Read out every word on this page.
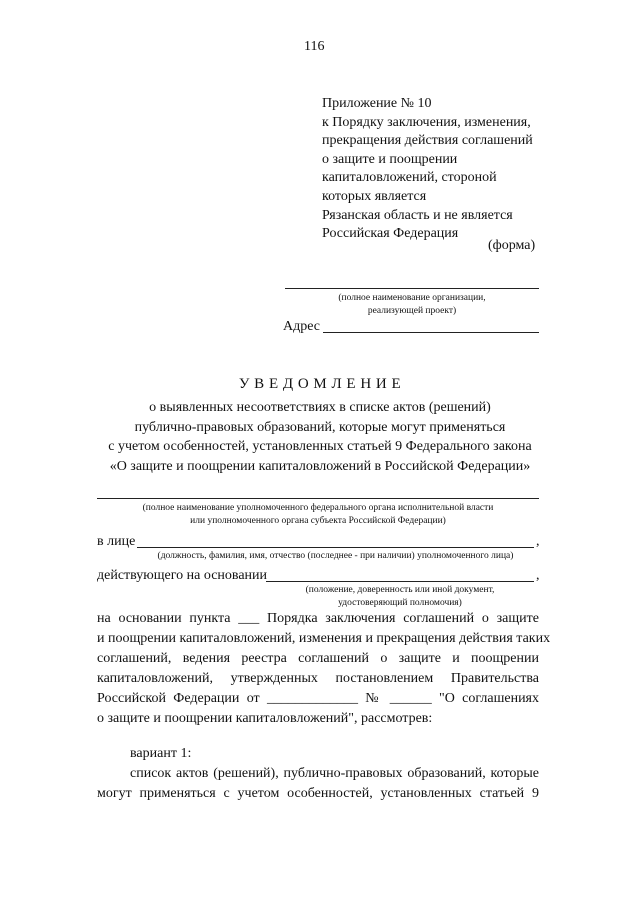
116
Приложение № 10
к Порядку заключения, изменения,
прекращения действия соглашений
о защите и поощрении
капиталовложений, стороной
которых является
Рязанская область и не является
Российская Федерация
(форма)
(полное наименование организации,
реализующей проект)
Адрес
У В Е Д О М Л Е Н И Е
о выявленных несоответствиях в списке актов (решений)
публично-правовых образований, которые могут применяться
с учетом особенностей, установленных статьей 9 Федерального закона
«О защите и поощрении капиталовложений в Российской Федерации»
(полное наименование уполномоченного федерального органа исполнительной власти
или уполномоченного органа субъекта Российской Федерации)
в лице	,
(должность, фамилия, имя, отчество (последнее - при наличии) уполномоченного лица)
действующего на основании	,
(положение, доверенность или иной документ,
удостоверяющий полномочия)
на основании пункта ___ Порядка заключения соглашений о защите
и поощрении капиталовложений, изменения и прекращения действия таких
соглашений, ведения реестра соглашений о защите и поощрении
капиталовложений, утвержденных постановлением Правительства
Российской Федерации от _____________ № ______ "О соглашениях
о защите и поощрении капиталовложений", рассмотрев:
вариант 1:
список актов (решений), публично-правовых образований, которые
могут применяться с учетом особенностей, установленных статьей 9
